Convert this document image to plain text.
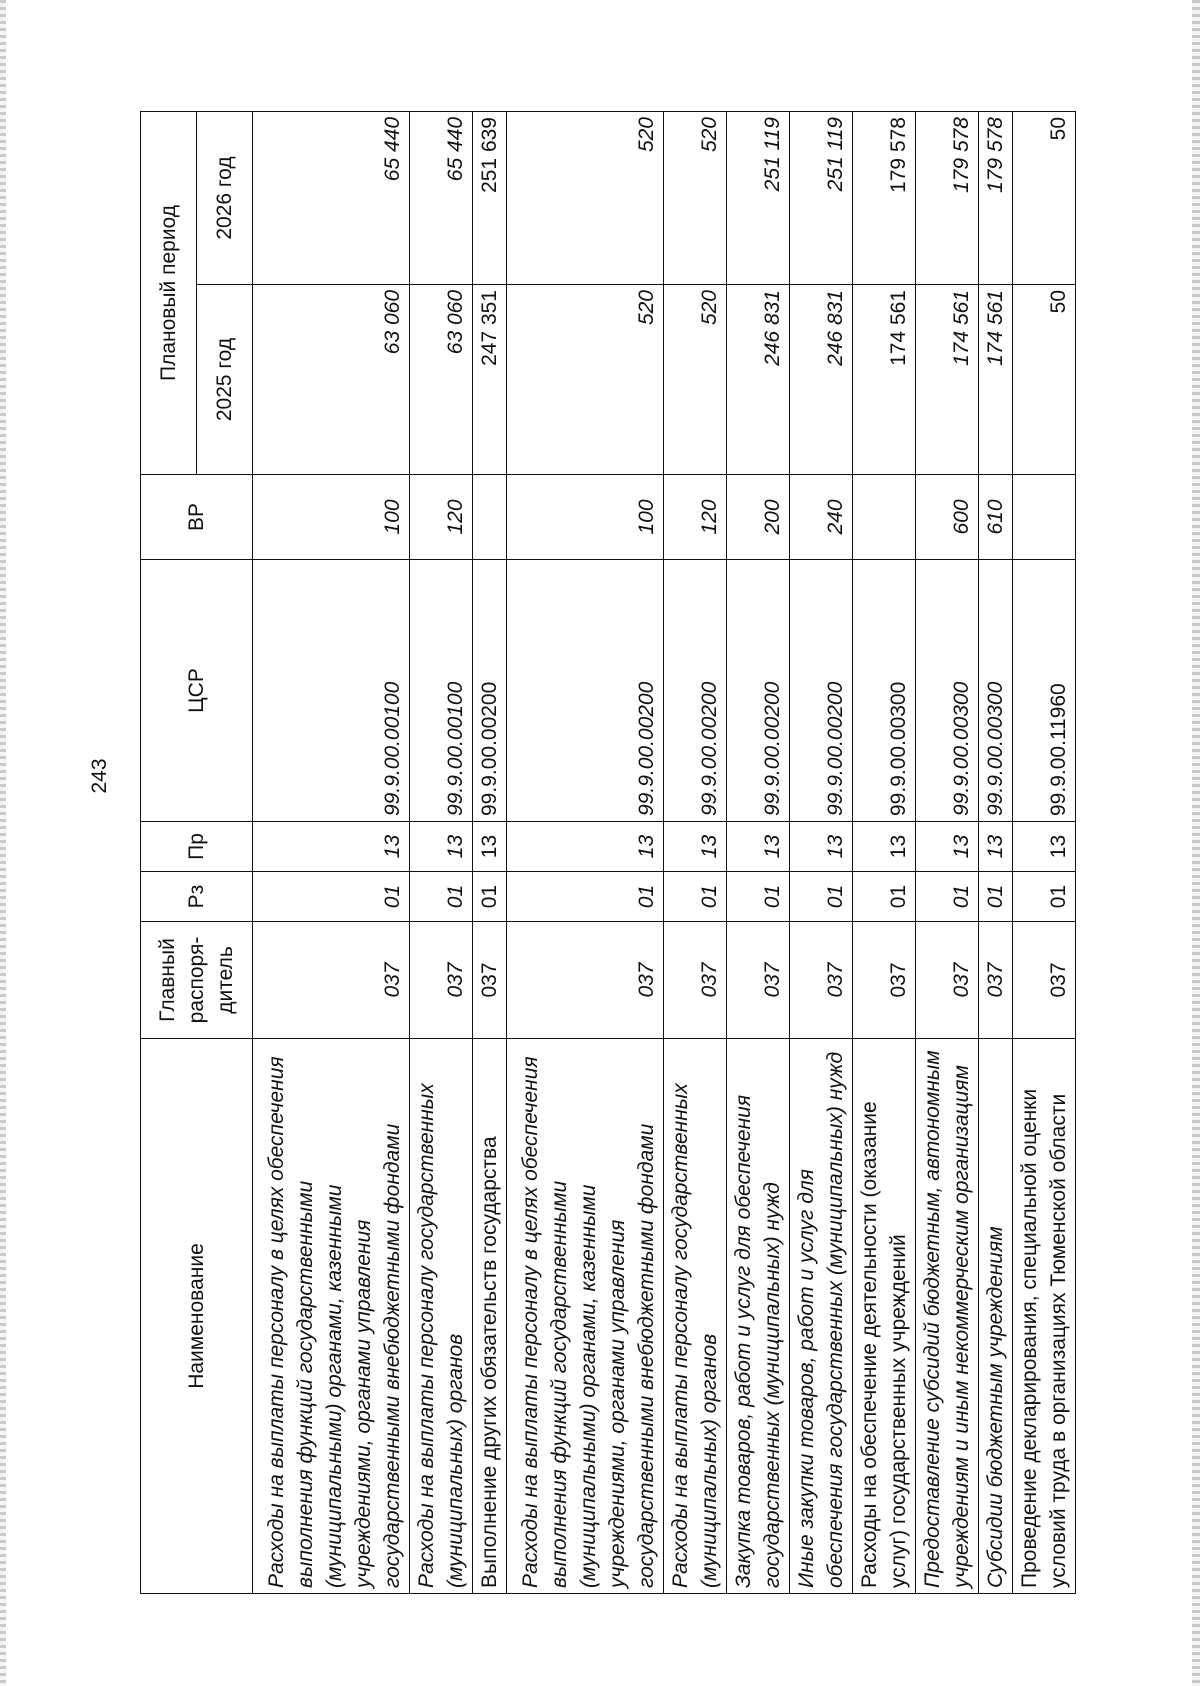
243
Наименование	Главный распоря-дитель	Рз	Пр	ЦСР	ВР	Плановый период	
						2025 год	2026 год
Расходы на выплаты персоналу в целях обеспечения выполнения функций государственными (муниципальными) органами, казенными учреждениями, органами управления государственными внебюджетными фондами	037	01	13	99.9.00.00100	100	63 060	65 440
Расходы на выплаты персоналу государственных (муниципальных) органов	037	01	13	99.9.00.00100	120	63 060	65 440
Выполнение других обязательств государства	037	01	13	99.9.00.00200		247 351	251 639
Расходы на выплаты персоналу в целях обеспечения выполнения функций государственными (муниципальными) органами, казенными учреждениями, органами управления государственными внебюджетными фондами	037	01	13	99.9.00.00200	100	520	520
Расходы на выплаты персоналу государственных (муниципальных) органов	037	01	13	99.9.00.00200	120	520	520
Закупка товаров, работ и услуг для обеспечения государственных (муниципальных) нужд	037	01	13	99.9.00.00200	200	246 831	251 119
Иные закупки товаров, работ и услуг для обеспечения государственных (муниципальных) нужд	037	01	13	99.9.00.00200	240	246 831	251 119
Расходы на обеспечение деятельности (оказание услуг) государственных учреждений	037	01	13	99.9.00.00300		174 561	179 578
Предоставление субсидий бюджетным, автономным учреждениям и иным некоммерческим организациям	037	01	13	99.9.00.00300	600	174 561	179 578
Субсидии бюджетным учреждениям	037	01	13	99.9.00.00300	610	174 561	179 578
Проведение декларирования, специальной оценки условий труда в организациях Тюменской области	037	01	13	99.9.00.11960		50	50
